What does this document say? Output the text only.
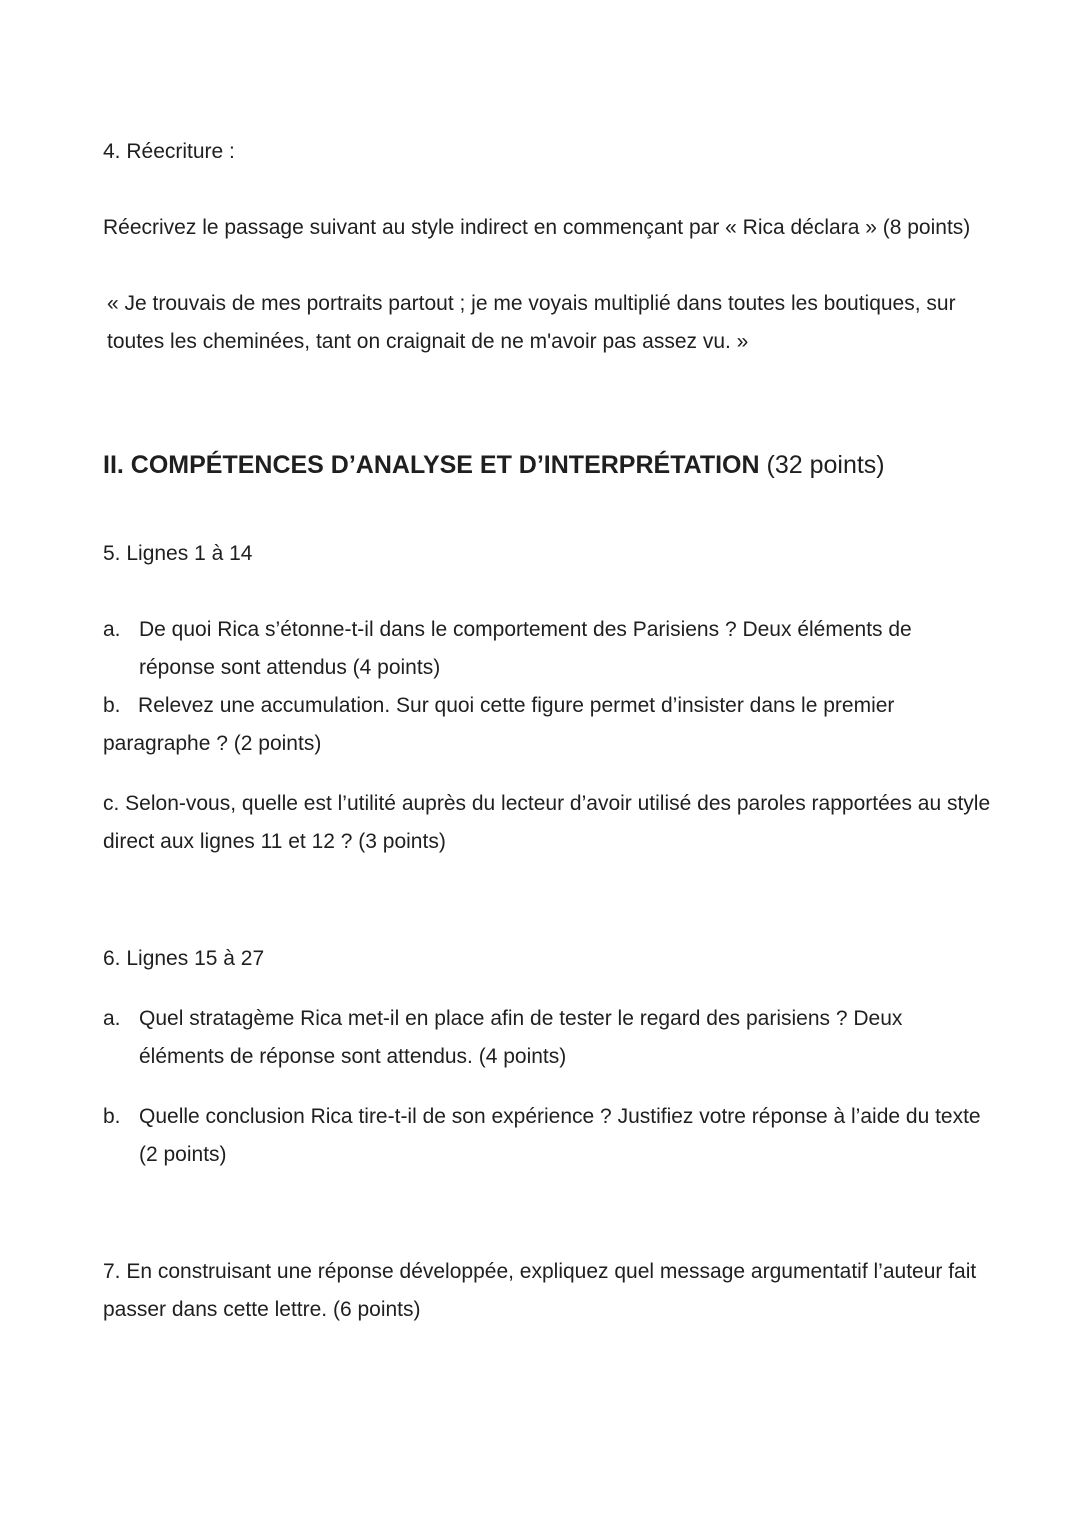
4. Réecriture :

Réecrivez le passage suivant au style indirect en commençant par « Rica déclara » (8 points)

« Je trouvais de mes portraits partout ; je me voyais multiplié dans toutes les boutiques, sur toutes les cheminées, tant on craignait de ne m'avoir pas assez vu. »

II. COMPÉTENCES D’ANALYSE ET D’INTERPRÉTATION (32 points)

5. Lignes 1 à 14

a. De quoi Rica s’étonne-t-il dans le comportement des Parisiens ? Deux éléments de réponse sont attendus (4 points)

b. Relevez une accumulation. Sur quoi cette figure permet d’insister dans le premier paragraphe ? (2 points)

c. Selon-vous, quelle est l’utilité auprès du lecteur d’avoir utilisé des paroles rapportées au style direct aux lignes 11 et 12 ? (3 points)

6. Lignes 15 à 27

a. Quel stratagème Rica met-il en place afin de tester le regard des parisiens ? Deux éléments de réponse sont attendus. (4 points)
b. Quelle conclusion Rica tire-t-il de son expérience ? Justifiez votre réponse à l’aide du texte (2 points)

7. En construisant une réponse développée, expliquez quel message argumentatif l’auteur fait passer dans cette lettre. (6 points)
